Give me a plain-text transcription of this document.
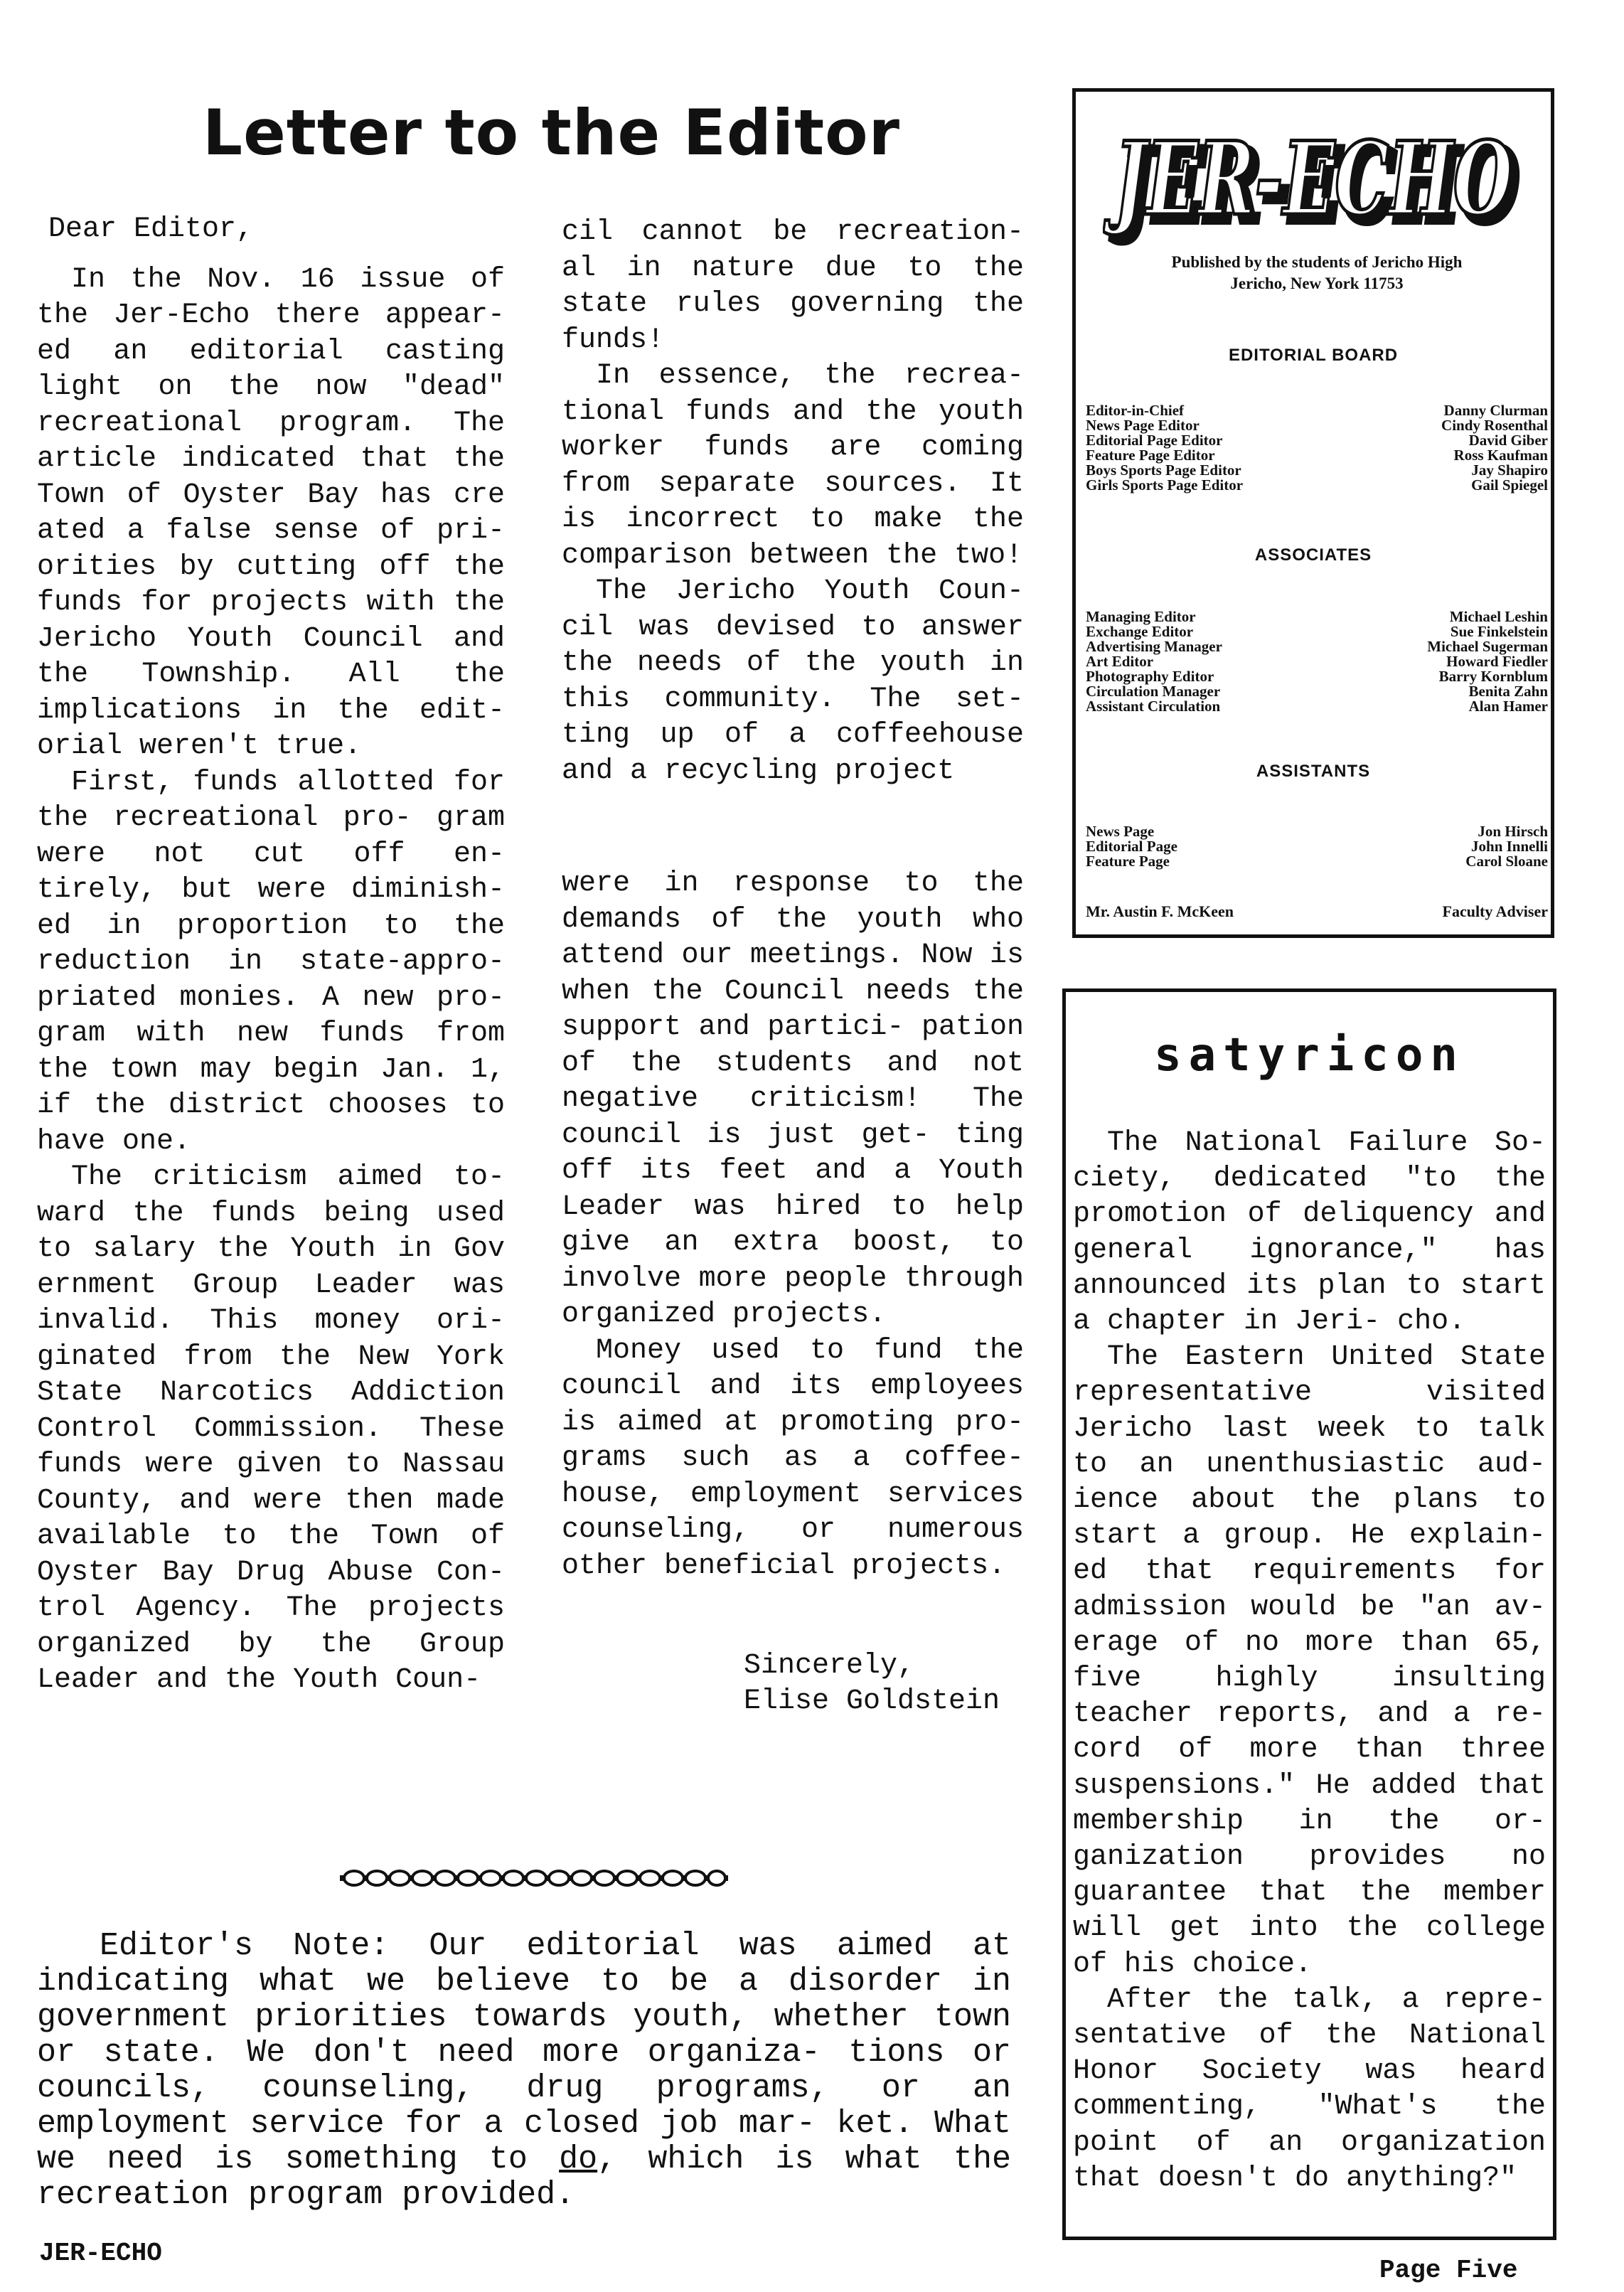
Letter to the Editor

Dear Editor,

In the Nov. 16 issue of the Jer-Echo there appear- ed an editorial casting light on the now "dead" recreational program. The article indicated that the Town of Oyster Bay has cre ated a false sense of pri- orities by cutting off the funds for projects with the Jericho Youth Council and the Township. All the implications in the edit- orial weren't true.

First, funds allotted for the recreational pro- gram were not cut off en- tirely, but were diminish- ed in proportion to the reduction in state-appro- priated monies. A new pro- gram with new funds from the town may begin Jan. 1, if the district chooses to have one.

The criticism aimed to- ward the funds being used to salary the Youth in Gov ernment Group Leader was invalid. This money ori- ginated from the New York State Narcotics Addiction Control Commission. These funds were given to Nassau County, and were then made available to the Town of Oyster Bay Drug Abuse Con- trol Agency. The projects organized by the Group Leader and the Youth Coun-

cil cannot be recreation- al in nature due to the state rules governing the funds!

In essence, the recrea- tional funds and the youth worker funds are coming from separate sources. It is incorrect to make the comparison between the two!

The Jericho Youth Coun- cil was devised to answer the needs of the youth in this community. The set- ting up of a coffeehouse and a recycling project

were in response to the demands of the youth who attend our meetings. Now is when the Council needs the support and partici- pation of the students and not negative criticism! The council is just get- ting off its feet and a Youth Leader was hired to help give an extra boost, to involve more people through organized projects.

Money used to fund the council and its employees is aimed at promoting pro- grams such as a coffee- house, employment services counseling, or numerous other beneficial projects.

Sincerely,
Elise Goldstein

Editor's Note: Our editorial was aimed at indicating what we believe to be a disorder in government priorities towards youth, whether town or state. We don't need more organiza- tions or councils, counseling, drug programs, or an employment service for a closed job mar- ket. What we need is something to do, which is what the recreation program provided.

JER-ECHO
JER-ECHO
Published by the students of Jericho High
Jericho, New York 11753
EDITORIAL BOARD
Editor-in-Chief	Danny Clurman
News Page Editor	Cindy Rosenthal
Editorial Page Editor	David Giber
Feature Page Editor	Ross Kaufman
Boys Sports Page Editor	Jay Shapiro
Girls Sports Page Editor	Gail Spiegel
ASSOCIATES
Managing Editor	Michael Leshin
Exchange Editor	Sue Finkelstein
Advertising Manager	Michael Sugerman
Art Editor	Howard Fiedler
Photography Editor	Barry Kornblum
Circulation Manager	Benita Zahn
Assistant Circulation	Alan Hamer
ASSISTANTS
News Page	Jon Hirsch
Editorial Page	John Innelli
Feature Page	Carol Sloane
Mr. Austin F. McKeen	Faculty Adviser
satyricon

The National Failure So- ciety, dedicated "to the promotion of deliquency and general ignorance," has announced its plan to start a chapter in Jeri- cho.

The Eastern United State representative visited Jericho last week to talk to an unenthusiastic aud- ience about the plans to start a group. He explain- ed that requirements for admission would be "an av- erage of no more than 65, five highly insulting teacher reports, and a re- cord of more than three suspensions." He added that membership in the or- ganization provides no guarantee that the member will get into the college of his choice.

After the talk, a repre- sentative of the National Honor Society was heard commenting, "What's the point of an organization that doesn't do anything?"

JER-ECHO
Page Five
